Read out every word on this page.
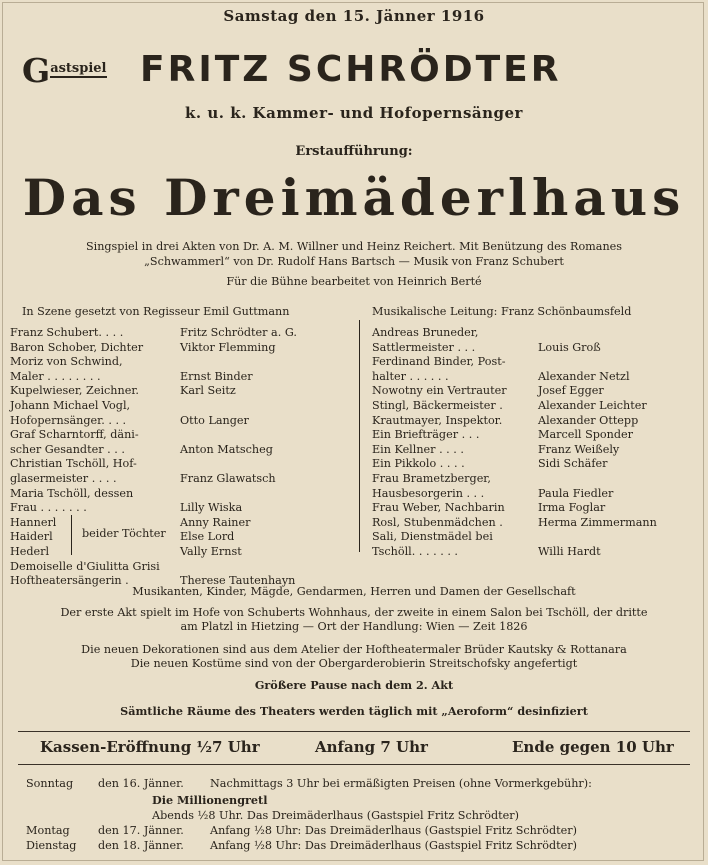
Samstag den 15. Jänner 1916
$G^{astspiel}$ FRITZ SCHRÖDTER
k. u. k. Kammer- und Hofopernsänger
Erstaufführung:
Das Dreimäderlhaus
Singspiel in drei Akten von Dr. A. M. Willner und Heinz Reichert. Mit Benützung des Romanes
„Schwammerl“ von Dr. Rudolf Hans Bartsch — Musik von Franz Schubert
Für die Bühne bearbeitet von Heinrich Berté
In Szene gesetzt von Regisseur Emil Guttmann	Musikalische Leitung: Franz Schönbaumsfeld
Franz Schubert. . . .	Fritz Schrödter a. G.
Baron Schober, Dichter	Viktor Flemming
Moriz von Schwind,
Maler . . . . . . . .	Ernst Binder
Kupelwieser, Zeichner.	Karl Seitz
Johann Michael Vogl,
Hofopernsänger. . . .	Otto Langer
Graf Scharntorff, däni-
scher Gesandter . . .	Anton Matscheg
Christian Tschöll, Hof-
glasermeister . . . .	Franz Glawatsch
Maria Tschöll, dessen
Frau . . . . . . .	Lilly Wiska
Hannerl	Anny Rainer
Haiderl	Else Lord
Hederl	Vally Ernst
Demoiselle d'Giulitta Grisi
Hoftheatersängerin .	Therese Tautenhayn
Andreas Bruneder,
Sattlermeister . . .	Louis Groß
Ferdinand Binder, Post-
halter . . . . . .	Alexander Netzl
Nowotny ein Vertrauter	Josef Egger
Stingl, Bäckermeister .	Alexander Leichter
Krautmayer, Inspektor.	Alexander Ottepp
Ein Briefträger . . .	Marcell Sponder
Ein Kellner . . . .	Franz Weißely
Ein Pikkolo . . . .	Sidi Schäfer
Frau Brametzberger,
Hausbesorgerin . . .	Paula Fiedler
Frau Weber, Nachbarin	Irma Foglar
Rosl, Stubenmädchen .	Herma Zimmermann
Sali, Dienstmädel bei
Tschöll. . . . . . .	Willi Hardt
beider Töchter
Musikanten, Kinder, Mägde, Gendarmen, Herren und Damen der Gesellschaft
Der erste Akt spielt im Hofe von Schuberts Wohnhaus, der zweite in einem Salon bei Tschöll, der dritte
am Platzl in Hietzing — Ort der Handlung: Wien — Zeit 1826
Die neuen Dekorationen sind aus dem Atelier der Hoftheatermaler Brüder Kautsky & Rottanara
Die neuen Kostüme sind von der Obergarderobierin Streitschofsky angefertigt
Größere Pause nach dem 2. Akt
Sämtliche Räume des Theaters werden täglich mit „Aeroform“ desinfiziert
Kassen-Eröffnung ½7 Uhr	Anfang 7 Uhr	Ende gegen 10 Uhr
Sonntag den 16. Jänner. Nachmittags 3 Uhr bei ermäßigten Preisen (ohne Vormerkgebühr):
Die Millionengretl
Abends ½8 Uhr. Das Dreimäderlhaus (Gastspiel Fritz Schrödter)
Montag	den 17. Jänner. Anfang ½8 Uhr: Das Dreimäderlhaus (Gastspiel Fritz Schrödter)
Dienstag den 18. Jänner. Anfang ½8 Uhr: Das Dreimäderlhaus (Gastspiel Fritz Schrödter)
